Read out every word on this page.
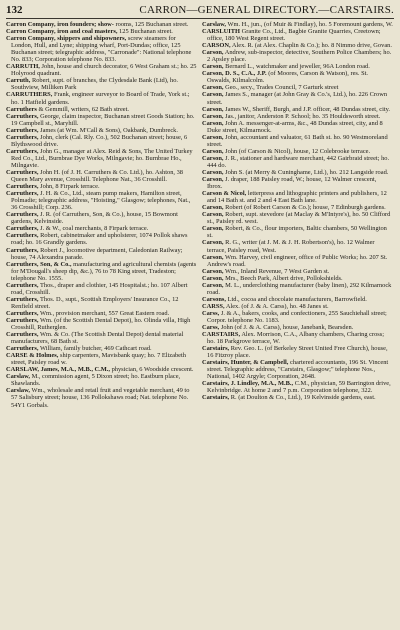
132	CARRON—GENERAL DIRECTORY.—CARSTAIRS.

Carron Company, iron founders; show- rooms, 125 Buchanan street.

Carron Company, iron and coal masters, 125 Buchanan street.

Carron Company, shippers and shipowners, screw steamers for London, Hull, and Lyne; shipping wharf, Port-Dundas; office, 125 Buchanan street; telegraphic address, "Carronade": National telephone No. 833; Corporation telephone No. 833.

CARRUTH, John, house and church decorator, 6 West Graham st.; ho. 25 Holyrood quadrant.

Carruth, Robert, supt. of branches, the Clydesdale Bank (Ltd), ho. Southview, Milliken Park

CARRUTHERS, Frank, engineer surveyor to Board of Trade, York st.; ho. 1 Hatfield gardens.

Carruthers & Gemmill, writers, 62 Bath street.

Carruthers, George, claim inspector, Buchanan street Goods Station; ho. 19 Campbell st., Maryhill.

Carruthers, James (at Wm. M'Call & Sons), Oakbank, Dumbreck.

Carruthers, John, clerk (Cal. Rly. Co.), 502 Buchanan street; house, 6 Blythswood drive.

Carruthers, John G., manager at Alex. Reid & Sons, The United Turkey Red Co., Ltd., Burnbrae Dye Works, Milngavie; ho. Burnbrae Ho., Milngavie.

Carruthers, John H. (of J. H. Carruthers & Co. Ltd.), ho. Ashton, 38 Queen Mary avenue, Crosshill. Telephone Nat., 36 Crosshill.

Carruthers, John, 8 Firpark terrace.

Carruthers, J. H. & Co., Ltd., steam pump makers, Hamilton street, Polmadie; telegraphic address, "Hoisting," Glasgow; telephones, Nat., 36 Crosshill; Corp. 236.

Carruthers, J. R. (of Carruthers, Son, & Co.), house, 15 Bowmont gardens, Kelvinside.

Carruthers, J. & W., coal merchants, 8 Firpark terrace.

Carruthers, Robert, cabinetmaker and upholsterer, 1074 Pollok shaws road; ho. 16 Grandly gardens.

Carruthers, Robert J., locomotive department, Caledonian Railway; house, 74 Alexandra parade.

Carruthers, Son, & Co., manufacturing and agricultural chemists (agents for M'Dougall's sheep dip, &c.), 76 to 78 King street, Tradeston; telephone No. 1555.

Carruthers, Thos., draper and clothier, 145 Hospitalst.; ho. 107 Albert road, Crosshill.

Carruthers, Thos. D., supt., Scottish Employers' Insurance Co., 12 Renfield street.

Carruthers, Wm., provision merchant, 557 Great Eastern road.

Carruthers, Wm. (of the Scottish Dental Depot), ho. Olinda villa, High Crosshill, Rutherglen.

Carruthers, Wm. & Co. (The Scottish Dental Depot) dental material manufacturers, 68 Bath st.

Carruthers, William, family butcher, 469 Cathcart road.

CARSE & Holmes, ship carpenters, Mavisbank quay; ho. 7 Elizabeth street, Paisley road w.

CARSLAW, James, M.A., M.B., C.M., physician, 6 Woodside crescent.

Carslaw, M., commission agent, 5 Dixon street; ho. Eastburn place, Shawlands.

Carslaw, Wm., wholesale and retail fruit and vegetable merchant, 49 to 57 Salisbury street; house, 136 Pollokshaws road; Nat. telephone No. 54Y1 Gorbals.

Carslaw, Wm. H., jun., (of Muir & Findlay), ho. 5 Foremount gardens, W.

CARSLUITH Granite Co., Ltd., Bagbie Granite Quarries, Creetown; office, 180 West Regent street.

CARSON, Alex. R. (at Alex. Chaplin & Co.); ho. 8 Nimmo drive, Govan.

Carson, Andrew, sub-inspector, detective, Southern Police Chambers; ho. 2 Apsley place.

Carson, Bernard L., watchmaker and jeweller, 96A London road.

Carson, D. S., C.A., J.P. (of Moores, Carson & Watson), res. St. Oswalds, Kilmalcolm.

Carson, Geo., secy., Trades Council, 7 Garturk street

Carson, James S., manager (at John Gray & Co.'s, Ltd.), ho. 226 Crown street.

Carson, James W., Sheriff, Burgh, and J.P. officer, 48 Dundas street, city.

Carson, Jas., janitor, Anderston P. School; ho. 35 Houldsworth street.

Carson, John A. messenger-at-arms, &c., 48 Dundas street, city, and 8 Duke street, Kilmarnock.

Carson, John, accountant and valuator, 61 Bath st. ho. 90 Westmoreland street.

Carson, John (of Carson & Nicol), house, 12 Colebrooke terrace.

Carson, J. R., stationer and hardware merchant, 442 Gairbraid street; ho. 444 do.

Carson, John S. (at Merry & Cuninghame, Ltd.), ho. 212 Langside road.

Carson, J. draper, 188 Paisley road, W.; house, 12 Walmer crescent, Ibrox.

Carson & Nicol, letterpress and lithographic printers and publishers, 12 and 14 Bath st. and 2 and 4 East Bath lane.

Carson, Robert (of Robert Carson & Co.); house, 7 Edinburgh gardens.

Carson, Robert, supt. stevedore (at Maclay & M'Intyre's), ho. 50 Clifford st., Paisley rd. west.

Carson, Robert, & Co., flour importers, Baltic chambers, 50 Wellington st.

Carson, R. G., writer (at J. M. & J. H. Robertson's), ho. 12 Walmer terrace, Paisley road, West.

Carson, Wm. Harvey, civil engineer, office of Public Works; ho. 207 St. Andrew's road.

Carson, Wm., Inland Revenue, 7 West Garden st.

Carson, Mrs., Beech Park, Albert drive, Pollokshields.

Carson, M. L., underclothing manufacturer (baby linen), 292 Kilmarnock road.

Carsons, Ltd., cocoa and chocolate manufacturers, Barrowfield.

CARSS, Alex. (of J. & A. Carss), ho. 48 Janes st.

Carss, J. & A., bakers, cooks, and confectioners, 255 Sauchiehall street; Corpor. telephone No. 1183.

Carss, John (of J. & A. Carss), house, Janebank, Bearsden.

CARSTAIRS, Alex. Morrison, C.A., Albany chambers, Charing cross; ho. 18 Parkgrove terrace, W.

Carstairs, Rev. Geo. L. (of Berkeley Street United Free Church), house, 16 Fitzroy place.

Carstairs, Hunter, & Campbell, chartered accountants, 196 St. Vincent street. Telegraphic address, "Carstairs, Glasgow;" telephone Nos., National, 1402 Argyle; Corporation, 2648.

Carstairs, J. Lindley, M.A., M.B., C.M., physician, 59 Barrington drive, Kelvinbridge. At home 2 and 7 p.m. Corporation telephone, 322.

Carstairs, R. (at Doulton & Co., Ltd.), 19 Kelvinside gardens, east.
